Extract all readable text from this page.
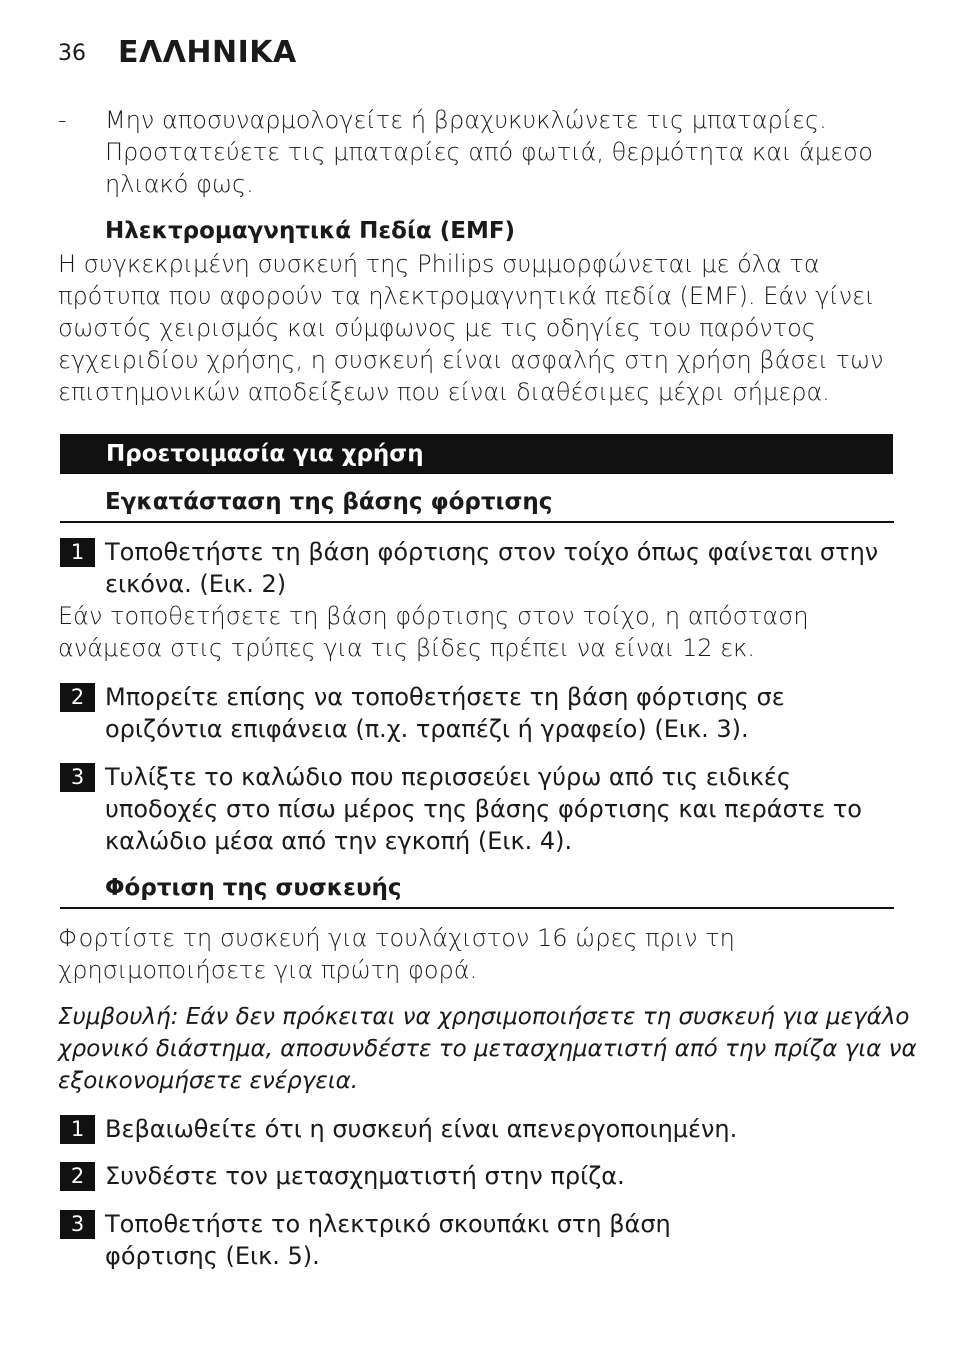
36 ΕΛΛΗΝΙΚΑ
- Μην αποσυναρμολογείτε ή βραχυκυκλώνετε τις μπαταρίες.
Προστατεύετε τις μπαταρίες από φωτιά, θερμότητα και άμεσο
ηλιακό φως.
Ηλεκτρομαγνητικά Πεδία (EMF)
Η συγκεκριμένη συσκευή της Philips συμμορφώνεται με όλα τα
πρότυπα που αφορούν τα ηλεκτρομαγνητικά πεδία (EMF). Εάν γίνει
σωστός χειρισμός και σύμφωνος με τις οδηγίες του παρόντος
εγχειριδίου χρήσης, η συσκευή είναι ασφαλής στη χρήση βάσει των
επιστημονικών αποδείξεων που είναι διαθέσιμες μέχρι σήμερα.
Προετοιμασία για χρήση
Εγκατάσταση της βάσης φόρτισης
1 Τοποθετήστε τη βάση φόρτισης στον τοίχο όπως φαίνεται στην
εικόνα. (Εικ. 2)
Εάν τοποθετήσετε τη βάση φόρτισης στον τοίχο, η απόσταση
ανάμεσα στις τρύπες για τις βίδες πρέπει να είναι 12 εκ.
2 Μπορείτε επίσης να τοποθετήσετε τη βάση φόρτισης σε
οριζόντια επιφάνεια (π.χ. τραπέζι ή γραφείο) (Εικ. 3).
3 Τυλίξτε το καλώδιο που περισσεύει γύρω από τις ειδικές
υποδοχές στο πίσω μέρος της βάσης φόρτισης και περάστε το
καλώδιο μέσα από την εγκοπή (Εικ. 4).
Φόρτιση της συσκευής
Φορτίστε τη συσκευή για τουλάχιστον 16 ώρες πριν τη
χρησιμοποιήσετε για πρώτη φορά.
Συμβουλή: Εάν δεν πρόκειται να χρησιμοποιήσετε τη συσκευή για μεγάλο
χρονικό διάστημα, αποσυνδέστε το μετασχηματιστή από την πρίζα για να
εξοικονομήσετε ενέργεια.
1 Βεβαιωθείτε ότι η συσκευή είναι απενεργοποιημένη.
2 Συνδέστε τον μετασχηματιστή στην πρίζα.
3 Τοποθετήστε το ηλεκτρικό σκουπάκι στη βάση
φόρτισης (Εικ. 5).
